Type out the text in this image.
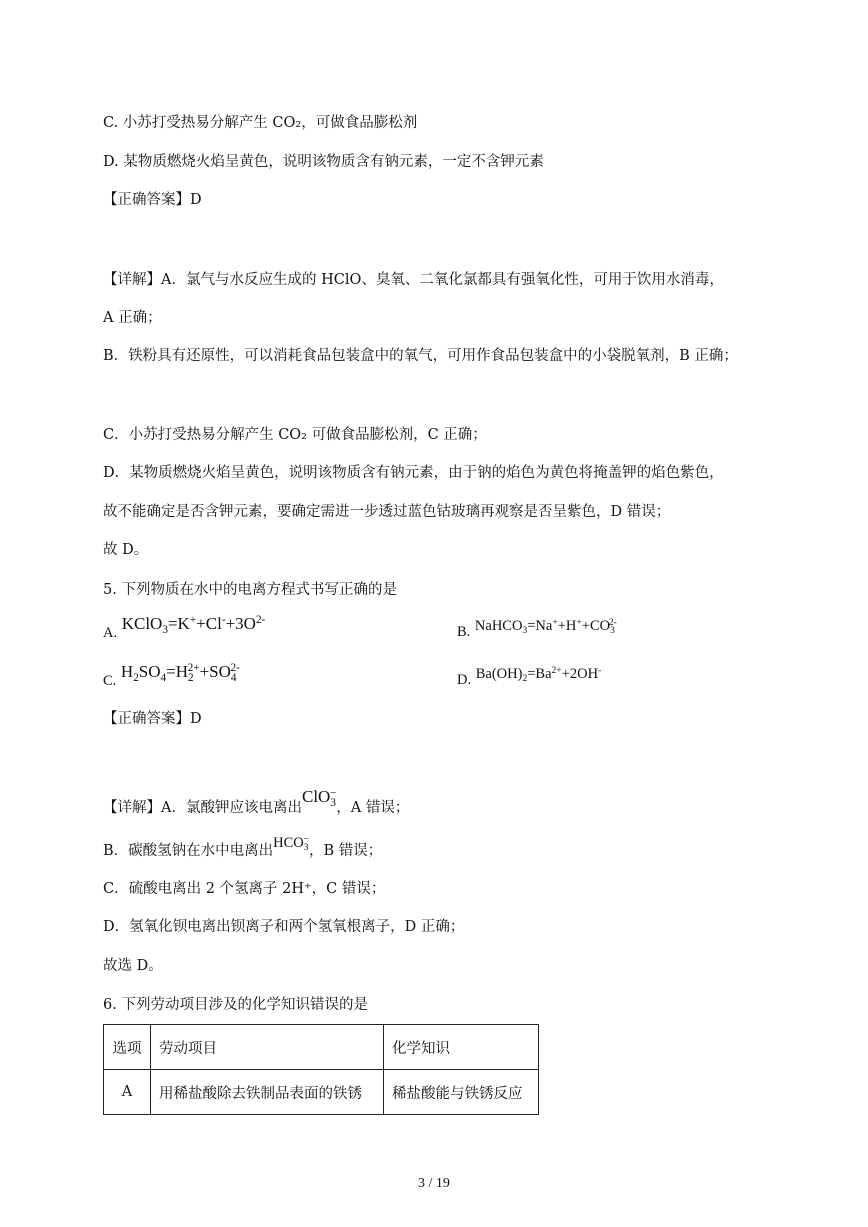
C. 小苏打受热易分解产生 CO₂，可做食品膨松剂
D. 某物质燃烧火焰呈黄色，说明该物质含有钠元素，一定不含钾元素
【正确答案】D
【详解】A．氯气与水反应生成的 HClO、臭氧、二氧化氯都具有强氧化性，可用于饮用水消毒，
A 正确；
B．铁粉具有还原性，可以消耗食品包装盒中的氧气，可用作食品包装盒中的小袋脱氧剂，B 正确；
C．小苏打受热易分解产生 CO₂ 可做食品膨松剂，C 正确；
D．某物质燃烧火焰呈黄色，说明该物质含有钠元素，由于钠的焰色为黄色将掩盖钾的焰色紫色，
故不能确定是否含钾元素，要确定需进一步透过蓝色钴玻璃再观察是否呈紫色，D 错误；
故 D。
5. 下列物质在水中的电离方程式书写正确的是
A. $KClO_3=K^++Cl^-+3O^{2-}$
B. $NaHCO_3=Na^++H^++CO_3^{2-}$
C. $H_2SO_4=H_2^{2+}+SO_4^{2-}$
D. $Ba(OH)_2=Ba^{2+}+2OH^-$
【正确答案】D
【详解】A．氯酸钾应该电离出ClO$_3$−，A 错误；
B．碳酸氢钠在水中电离出$HCO_3^-$，B 错误；
C．硫酸电离出 2 个氢离子 2H⁺，C 错误；
D．氢氧化钡电离出钡离子和两个氢氧根离子，D 正确；
故选 D。
6. 下列劳动项目涉及的化学知识错误的是
选项	劳动项目	化学知识
A	用稀盐酸除去铁制品表面的铁锈	稀盐酸能与铁锈反应
3 / 19
